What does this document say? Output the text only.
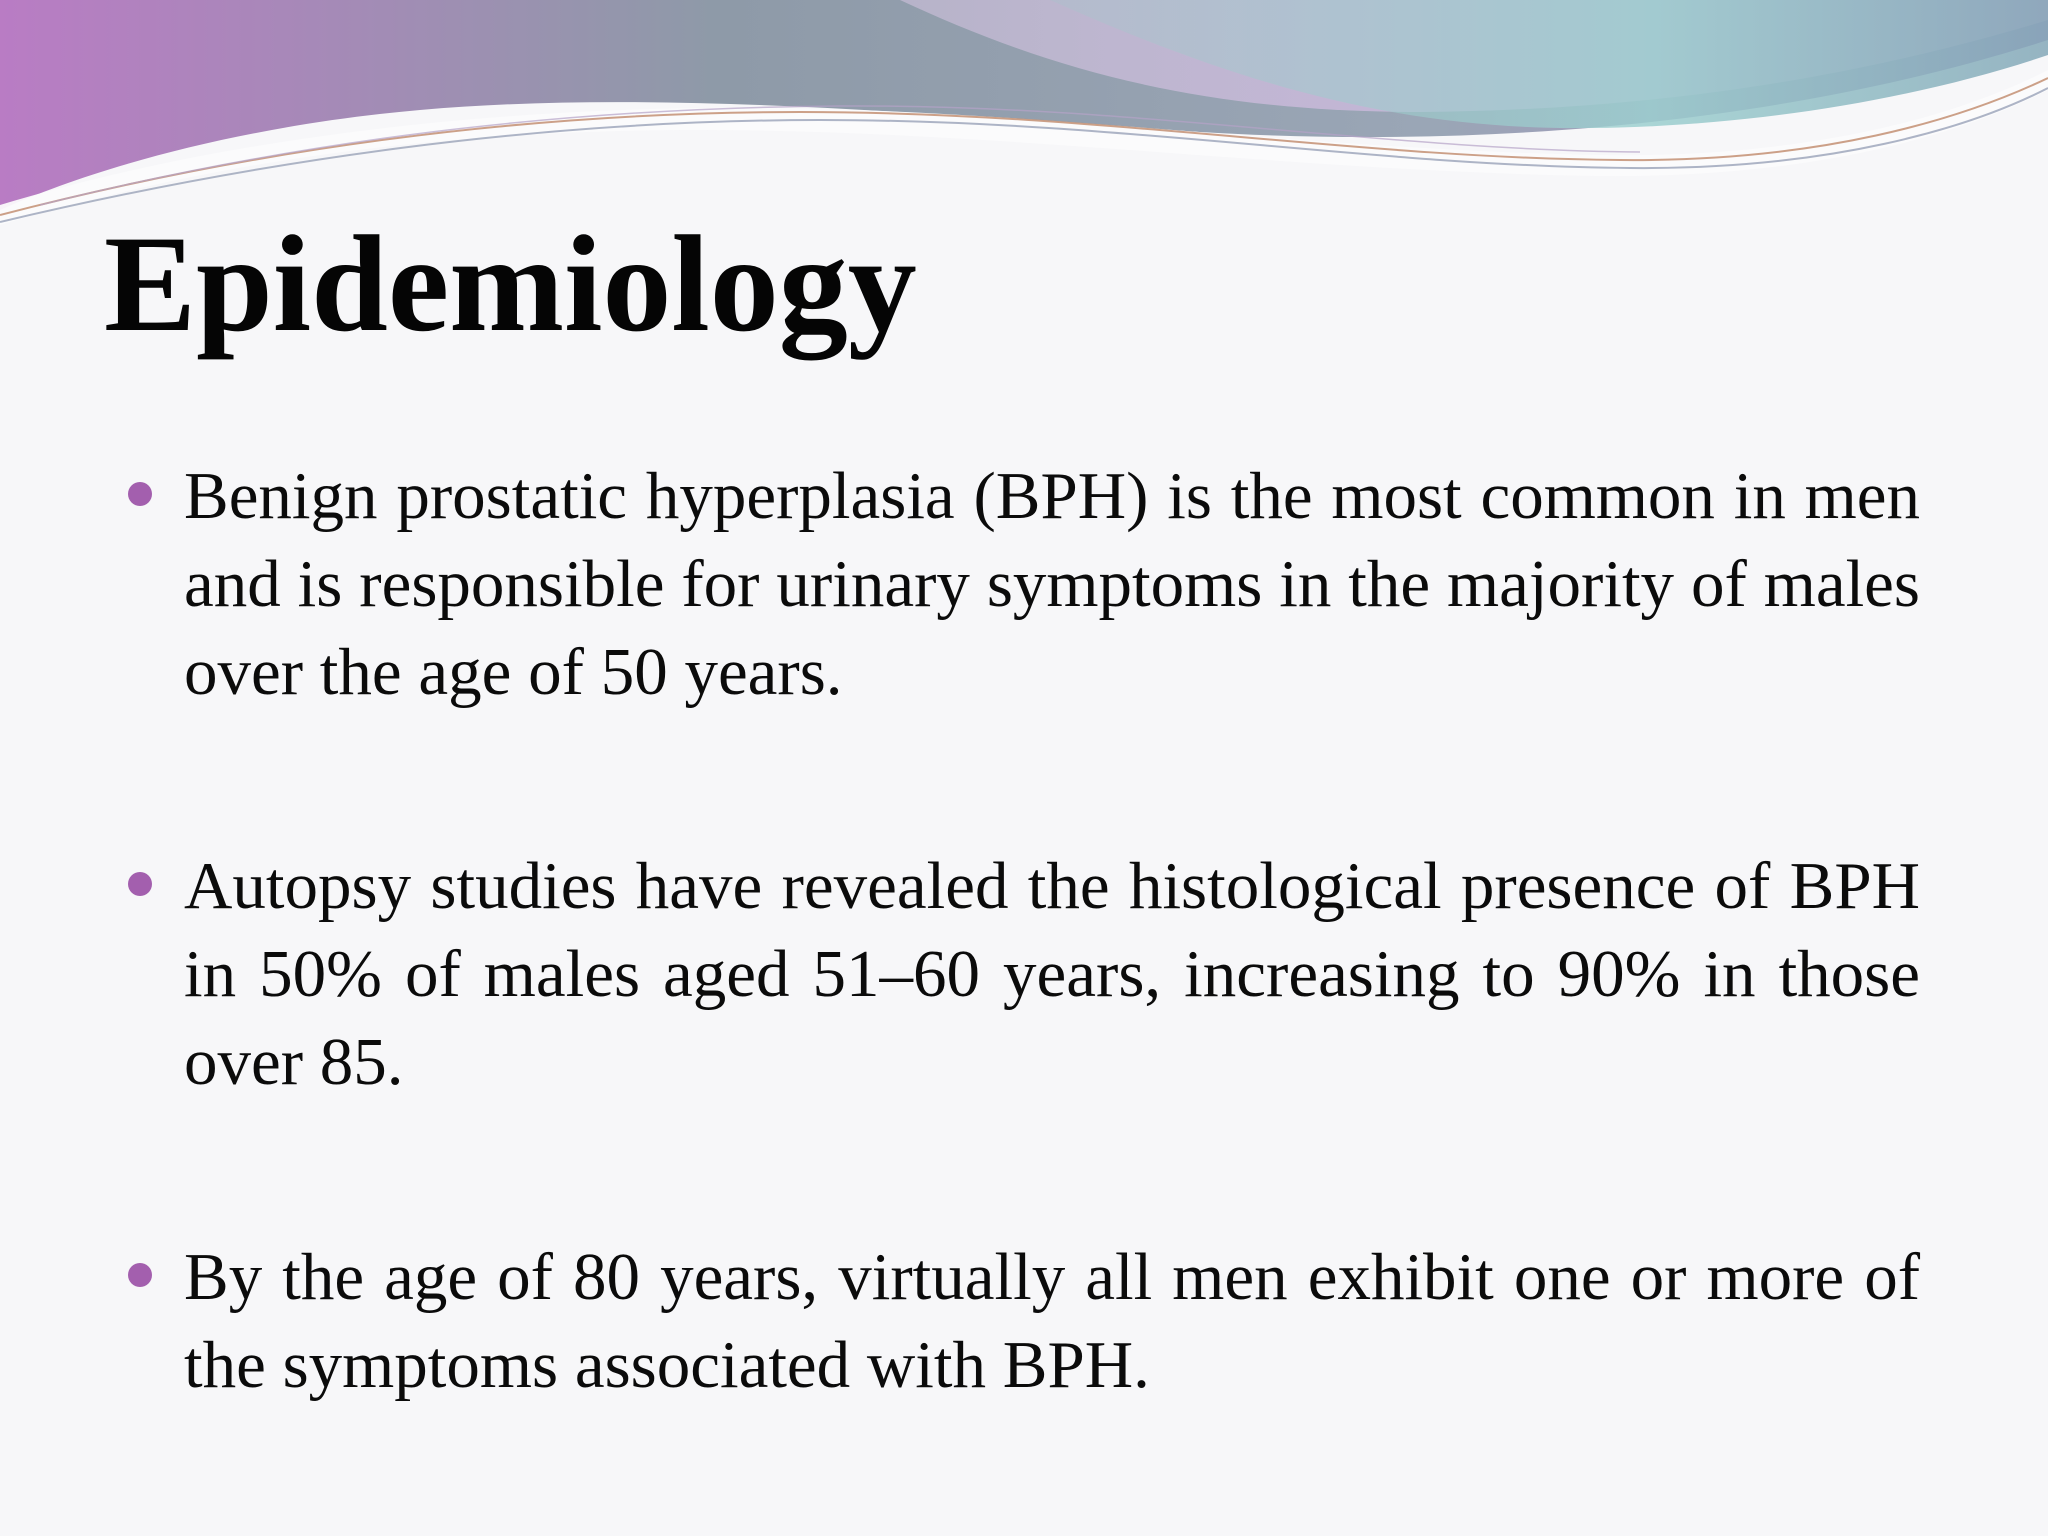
Epidemiology

Benign prostatic hyperplasia (BPH) is the most common in men and is responsible for urinary symptoms in the majority of males over the age of 50 years.

Autopsy studies have revealed the histological presence of BPH in 50% of males aged 51–60 years, increasing to 90% in those over 85.

By the age of 80 years, virtually all men exhibit one or more of the symptoms associated with BPH.
